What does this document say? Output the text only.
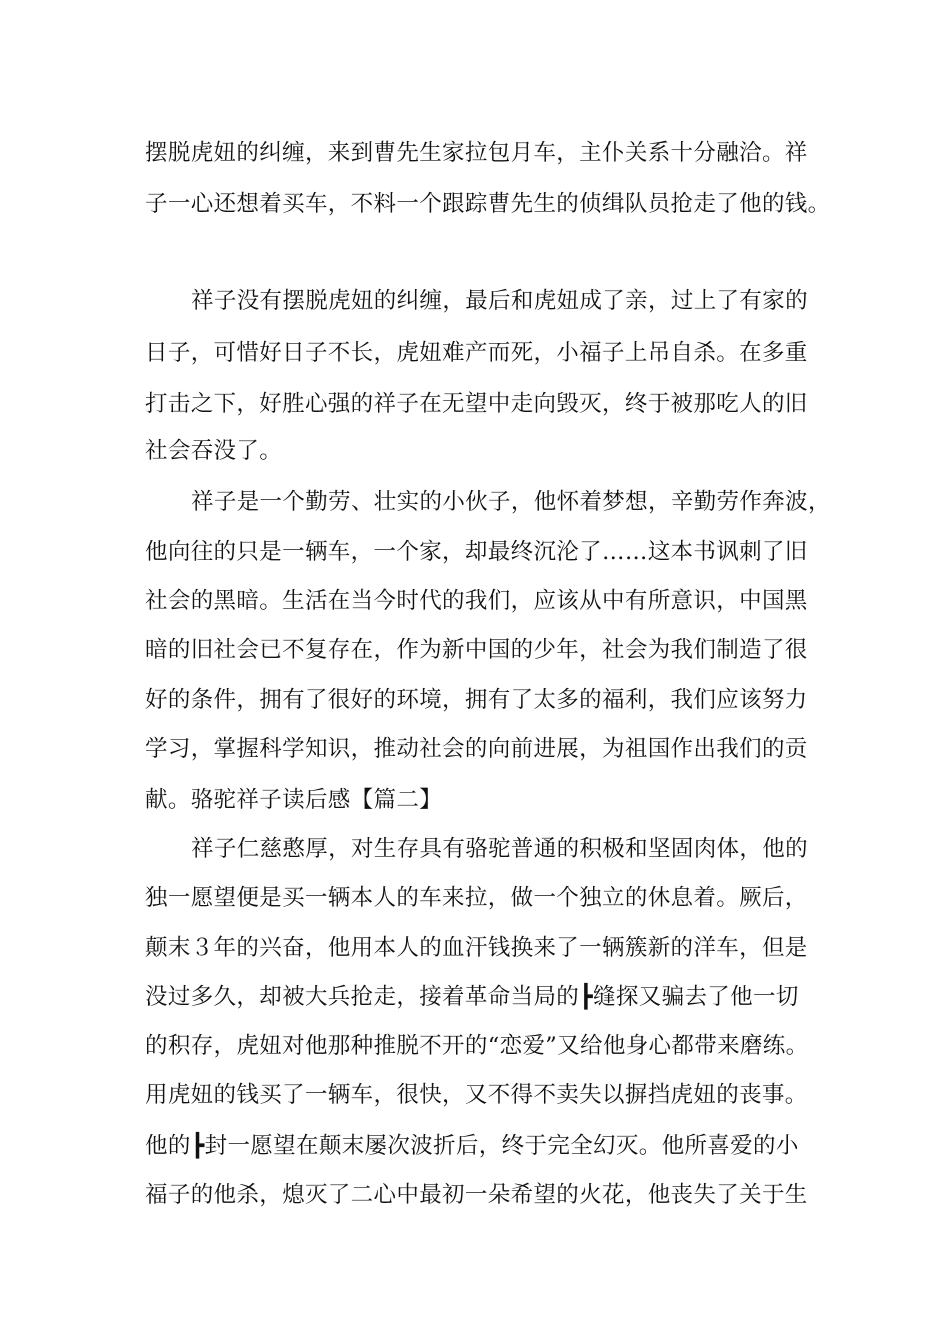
摆脱虎妞的纠缠，来到曹先生家拉包月车，主仆关系十分融洽。祥
子一心还想着买车，不料一个跟踪曹先生的侦缉队员抢走了他的钱。
祥子没有摆脱虎妞的纠缠，最后和虎妞成了亲，过上了有家的
日子，可惜好日子不长，虎妞难产而死，小福子上吊自杀。在多重
打击之下，好胜心强的祥子在无望中走向毁灭，终于被那吃人的旧
社会吞没了。
祥子是一个勤劳、壮实的小伙子，他怀着梦想，辛勤劳作奔波，
他向往的只是一辆车，一个家，却最终沉沦了……这本书讽刺了旧
社会的黑暗。生活在当今时代的我们，应该从中有所意识，中国黑
暗的旧社会已不复存在，作为新中国的少年，社会为我们制造了很
好的条件，拥有了很好的环境，拥有了太多的福利，我们应该努力
学习，掌握科学知识，推动社会的向前进展，为祖国作出我们的贡
献。骆驼祥子读后感【篇二】
祥子仁慈憨厚，对生存具有骆驼普通的积极和坚固肉体，他的
独一愿望便是买一辆本人的车来拉，做一个独立的休息着。厥后，
颠末３年的兴奋，他用本人的血汗钱换来了一辆簇新的洋车，但是
没过多久，却被大兵抢走，接着革命当局的┣缝探又骗去了他一切
的积存，虎妞对他那种推脱不开的“恋爱”又给他身心都带来磨练。
用虎妞的钱买了一辆车，很快，又不得不卖失以摒挡虎妞的丧事。
他的┣封一愿望在颠末屡次波折后，终于完全幻灭。他所喜爱的小
福子的他杀，熄灭了二心中最初一朵希望的火花，他丧失了关于生
